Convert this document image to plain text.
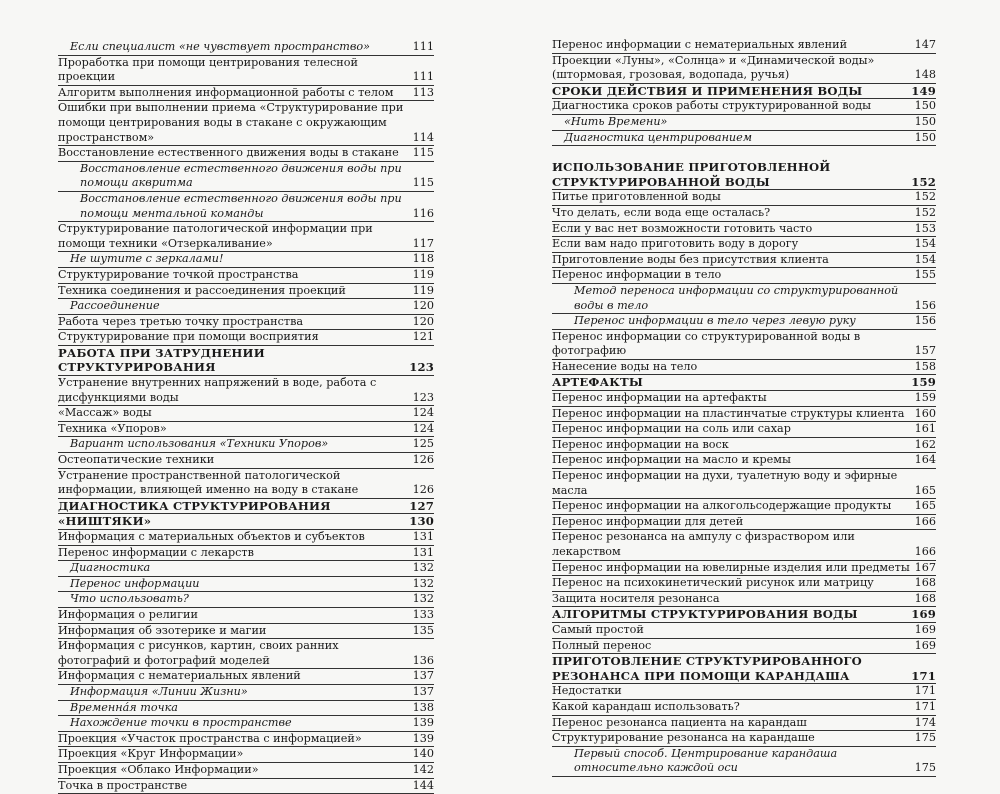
Если специалист «не чувствует пространство»	111
Проработка при помощи центрирования телесной проекции	111
Алгоритм выполнения информационной работы с телом	113
Ошибки при выполнении приема «Структурирование при помощи центрирования воды в стакане с окружающим пространством»	114
Восстановление естественного движения воды в стакане	115
Восстановление естественного движения воды при помощи аквритма	115
Восстановление естественного движения воды при помощи ментальной команды	116
Структурирование патологической информации при помощи техники «Отзеркаливание»	117
Не шутите с зеркалами!	118
Структурирование точкой пространства	119
Техника соединения и рассоединения проекций	119
Рассоединение	120
Работа через третью точку пространства	120
Структурирование при помощи восприятия	121
РАБОТА ПРИ ЗАТРУДНЕНИИ СТРУКТУРИРОВАНИЯ	123
Устранение внутренних напряжений в воде, работа с дисфункциями воды	123
«Массаж» воды	124
Техника «Упоров»	124
Вариант использования «Техники Упоров»	125
Остеопатические техники	126
Устранение пространственной патологической информации, влияющей именно на воду в стакане	126
ДИАГНОСТИКА СТРУКТУРИРОВАНИЯ	127
«НИШТЯКИ»	130
Информация с материальных объектов и субъектов	131
Перенос информации с лекарств	131
Диагностика	132
Перенос информации	132
Что использовать?	132
Информация о религии	133
Информация об эзотерике и магии	135
Информация с рисунков, картин, своих ранних фотографий и фотографий моделей	136
Информация с нематериальных явлений	137
Информация «Линии Жизни»	137
Временна́я точка	138
Нахождение точки в пространстве	139
Проекция «Участок пространства с информацией»	139
Проекция «Круг Информации»	140
Проекция «Облако Информации»	142
Точка в пространстве	144
Перенос информации с нематериальных явлений	147
Проекции «Луны», «Солнца» и «Динамической воды» (штормовая, грозовая, водопада, ручья)	148
СРОКИ ДЕЙСТВИЯ И ПРИМЕНЕНИЯ ВОДЫ	149
Диагностика сроков работы структурированной воды	150
«Нить Времени»	150
Диагностика центрированием	150
ИСПОЛЬЗОВАНИЕ ПРИГОТОВЛЕННОЙ СТРУКТУРИРОВАННОЙ ВОДЫ	152
Питье приготовленной воды	152
Что делать, если вода еще осталась?	152
Если у вас нет возможности готовить часто	153
Если вам надо приготовить воду в дорогу	154
Приготовление воды без присутствия клиента	154
Перенос информации в тело	155
Метод переноса информации со структурированной воды в тело	156
Перенос информации в тело через левую руку	156
Перенос информации со структурированной воды в фотографию	157
Нанесение воды на тело	158
АРТЕФАКТЫ	159
Перенос информации на артефакты	159
Перенос информации на пластинчатые структуры клиента 160
Перенос информации на соль или сахар	161
Перенос информации на воск	162
Перенос информации на масло и кремы	164
Перенос информации на духи, туалетную воду и эфирные масла	165
Перенос информации на алкогольсодержащие продукты	165
Перенос информации для детей	166
Перенос резонанса на ампулу с физраствором или лекарством	166
Перенос информации на ювелирные изделия или предметы 167
Перенос на психокинетический рисунок или матрицу	168
Защита носителя резонанса	168
АЛГОРИТМЫ СТРУКТУРИРОВАНИЯ ВОДЫ	169
Самый простой	169
Полный перенос	169
ПРИГОТОВЛЕНИЕ СТРУКТУРИРОВАННОГО РЕЗОНАНСА ПРИ ПОМОЩИ КАРАНДАША	171
Недостатки	171
Какой карандаш использовать?	171
Перенос резонанса пациента на карандаш	174
Структурирование резонанса на карандаше	175
Первый способ. Центрирование карандаша относительно каждой оси	175
